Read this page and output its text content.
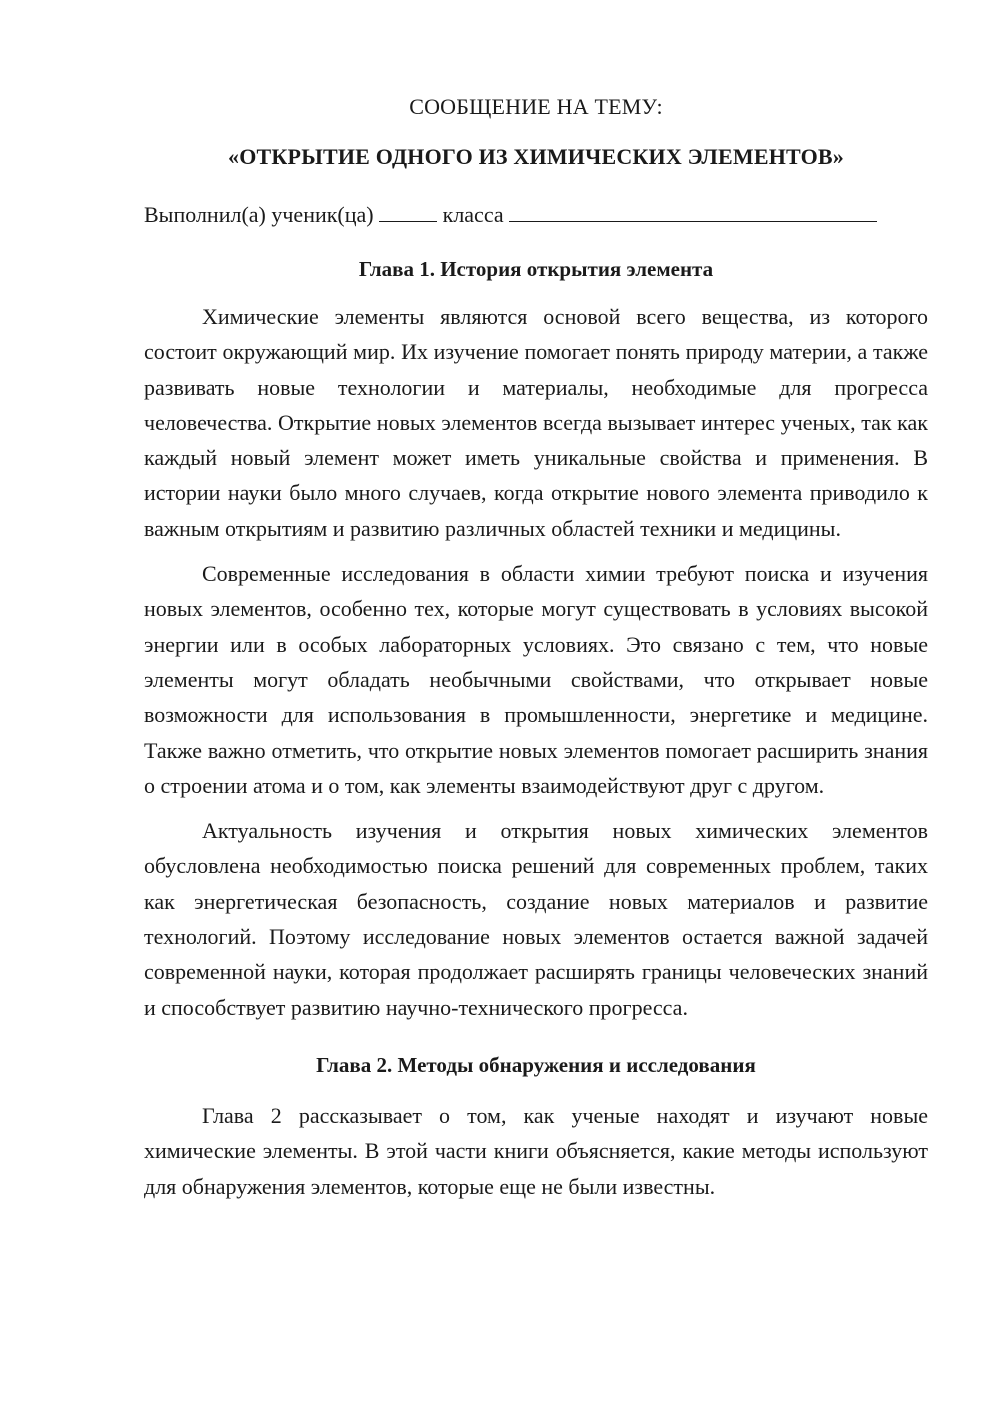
СООБЩЕНИЕ НА ТЕМУ:

«ОТКРЫТИЕ ОДНОГО ИЗ ХИМИЧЕСКИХ ЭЛЕМЕНТОВ»

Выполнил(а) ученик(ца)	класса
Глава 1. История открытия элемента

Химические элементы являются основой всего вещества, из которого состоит окружающий мир. Их изучение помогает понять природу материи, а также развивать новые технологии и материалы, необходимые для прогресса человечества. Открытие новых элементов всегда вызывает интерес ученых, так как каждый новый элемент может иметь уникальные свойства и применения. В истории науки было много случаев, когда открытие нового элемента приводило к важным открытиям и развитию различных областей техники и медицины.

Современные исследования в области химии требуют поиска и изучения новых элементов, особенно тех, которые могут существовать в условиях высокой энергии или в особых лабораторных условиях. Это связано с тем, что новые элементы могут обладать необычными свойствами, что открывает новые возможности для использования в промышленности, энергетике и медицине. Также важно отметить, что открытие новых элементов помогает расширить знания о строении атома и о том, как элементы взаимодействуют друг с другом.

Актуальность изучения и открытия новых химических элементов обусловлена необходимостью поиска решений для современных проблем, таких как энергетическая безопасность, создание новых материалов и развитие технологий. Поэтому исследование новых элементов остается важной задачей современной науки, которая продолжает расширять границы человеческих знаний и способствует развитию научно-технического прогресса.

Глава 2. Методы обнаружения и исследования

Глава 2 рассказывает о том, как ученые находят и изучают новые химические элементы. В этой части книги объясняется, какие методы используют для обнаружения элементов, которые еще не были известны.
